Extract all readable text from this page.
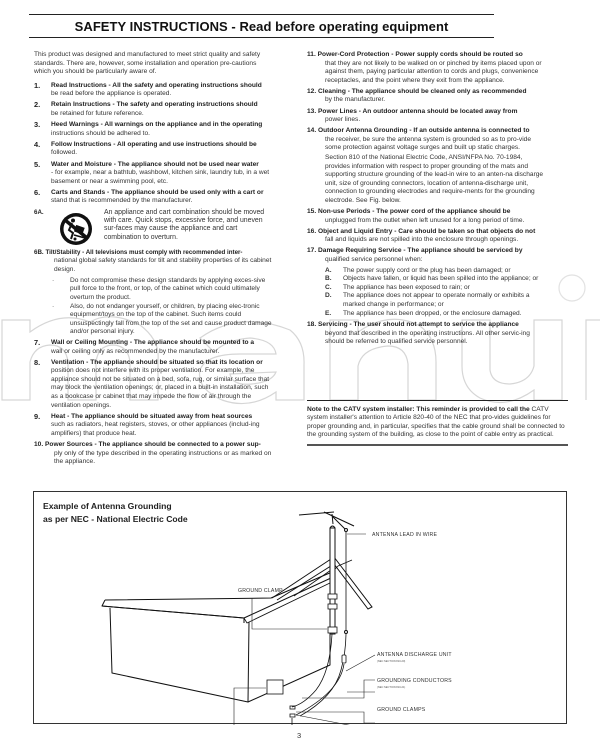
SAFETY INSTRUCTIONS - Read before operating equipment

This product was designed and manufactured to meet strict quality and safety standards. There are, however, some installation and operation pre-cautions which you should be particularly aware of.

1.	Read Instructions - All the safety and operating instructions should
be read before the appliance is operated.
2.	Retain Instructions - The safety and operating instructions should
be retained for future reference.
3.	Heed Warnings - All warnings on the appliance and in the operating
instructions should be adhered to.
4.	Follow Instructions - All operating and use instructions should be
followed.
5.	Water and Moisture - The appliance should not be used near water
- for example, near a bathtub, washbowl, kitchen sink, laundry tub, in a wet basement or near a swimming pool, etc.
6.	Carts and Stands - The appliance should be used only with a cart or
stand that is recommended by the manufacturer.
6A.	An appliance and cart combination should be moved with care. Quick stops, excessive force, and uneven sur-faces may cause the appliance and cart combination to overturn.
6B. Tilt/Stability - All televisions must comply with recommended inter-
national global safety standards for tilt and stability properties of its cabinet design.
·	Do not compromise these design standards by applying exces-sive pull force to the front, or top, of the cabinet which could ultimately overturn the product.
·	Also, do not endanger yourself, or children, by placing elec-tronic equipment/toys on the top of the cabinet. Such items could unsuspectingly fall from the top of the set and cause product damage and/or personal injury.
7.	Wall or Ceiling Mounting - The appliance should be mounted to a
wall or ceiling only as recommended by the manufacturer.
8.	Ventilation - The appliance should be situated so that its location or
position does not interfere with its proper ventilation. For example, the appliance should not be situated on a bed, sofa, rug, or similar surface that may block the ventilation openings; or, placed in a built-in installation, such as a bookcase or cabinet that may impede the flow of air through the ventilation openings.
9.	Heat - The appliance should be situated away from heat sources
such as radiators, heat registers, stoves, or other appliances (includ-ing amplifiers) that produce heat.
10. Power Sources - The appliance should be connected to a power sup-
ply only of the type described in the operating instructions or as marked on the appliance.
11. Power-Cord Protection - Power supply cords should be routed so
that they are not likely to be walked on or pinched by items placed upon or against them, paying particular attention to cords and plugs, convenience receptacles, and the point where they exit from the appliance.
12. Cleaning - The appliance should be cleaned only as recommended
by the manufacturer.
13. Power Lines - An outdoor antenna should be located away from
power lines.
14. Outdoor Antenna Grounding - If an outside antenna is connected to
the receiver, be sure the antenna system is grounded so as to pro-vide some protection against voltage surges and built up static charges.
Section 810 of the National Electric Code, ANSI/NFPA No. 70-1984, provides information with respect to proper grounding of the mats and supporting structure grounding of the lead-in wire to an anten-na discharge unit, size of grounding connectors, location of antenna-discharge unit, connection to grounding electrodes and require-ments for the grounding electrode. See Fig. below.
15. Non-use Periods - The power cord of the appliance should be
unplugged from the outlet when left unused for a long period of time.
16. Object and Liquid Entry - Care should be taken so that objects do not
fall and liquids are not spilled into the enclosure through openings.
17. Damage Requiring Service - The appliance should be serviced by
qualified service personnel when:
A.	The power supply cord or the plug has been damaged; or
B.	Objects have fallen, or liquid has been spilled into the appliance; or
C.	The appliance has been exposed to rain; or
D.	The appliance does not appear to operate normally or exhibits a marked change in performance; or
E.	The appliance has been dropped, or the enclosure damaged.
18. Servicing - The user should not attempt to service the appliance
beyond that described in the operating instructions. All other servic-ing should be referred to qualified service personnel.
Note to the CATV system installer: This reminder is provided to call the CATV system installer's attention to Article 820-40 of the NEC that pro-vides guidelines for proper grounding and, in particular, specifies that the cable ground shall be connected to the grounding system of the building, as close to the point of cable entry as practical.
Example of Antenna Grounding
as per NEC - National Electric Code
GROUND CLAMP
ANTENNA LEAD IN WIRE
ANTENNA DISCHARGE UNIT
(NEC SECTION 810-20)
GROUNDING CONDUCTORS
(NEC SECTION 810-21)
GROUND CLAMPS
3
